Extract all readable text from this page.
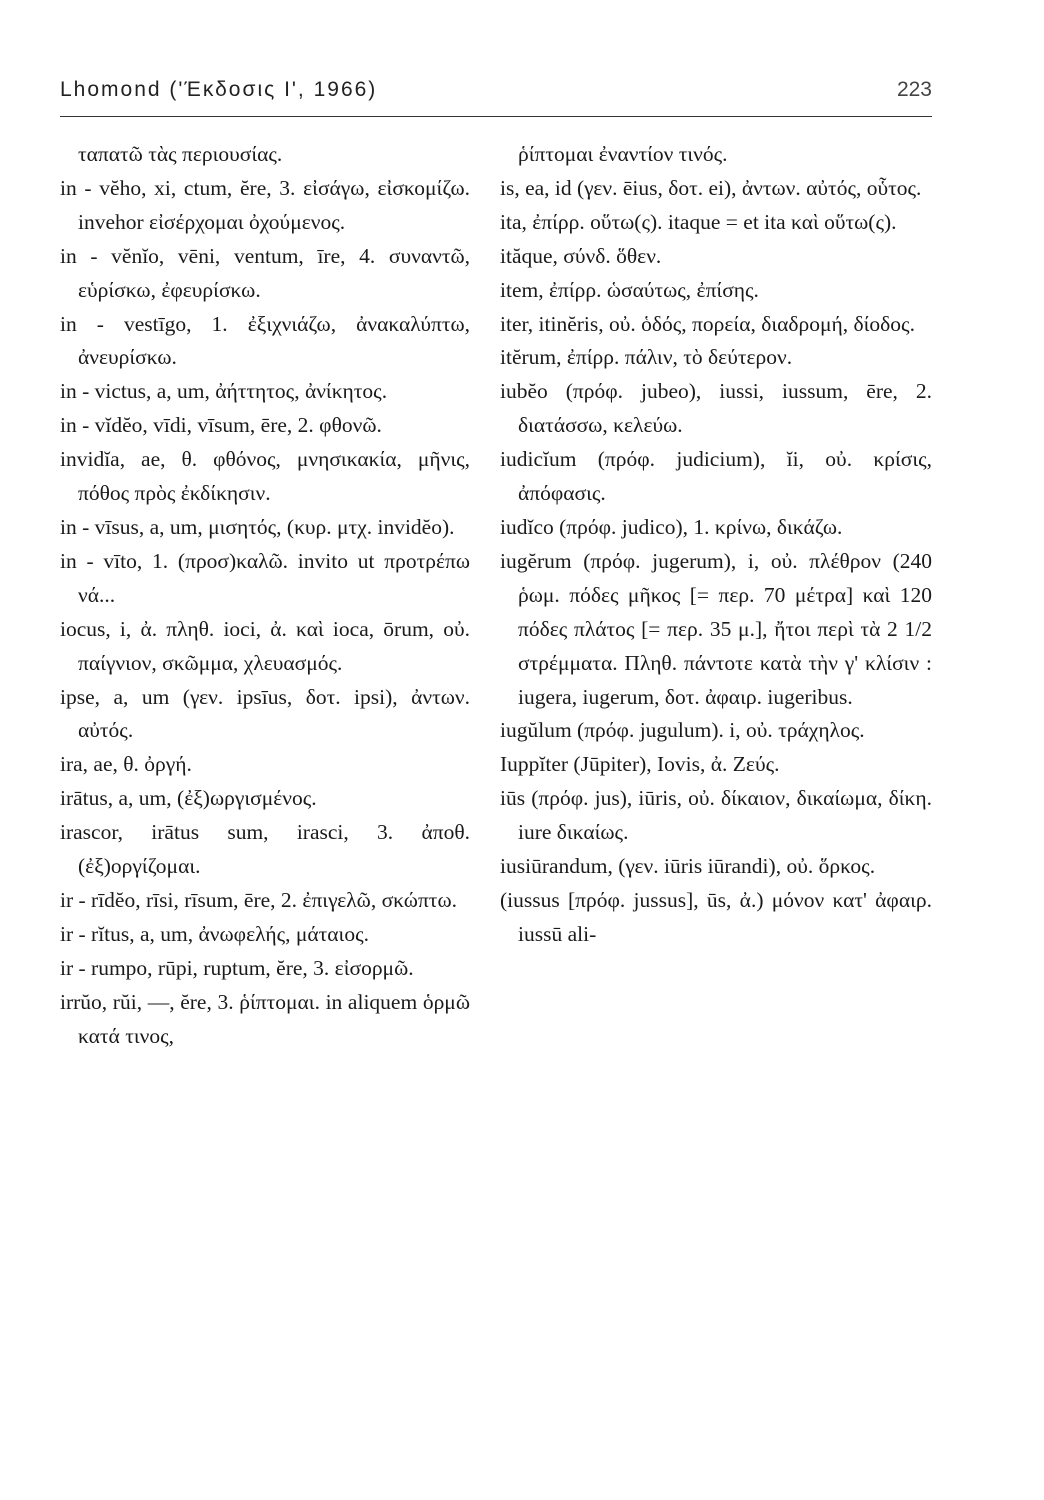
Lhomond ('Έκδοσις Ι', 1966)	223
ταπατῶ τὰς περιουσίας.
in - vĕho, xi, ctum, ĕre, 3. εἰσάγω, εἰσκομίζω. invehor εἰσέρχομαι ὀχούμενος.
in - vĕnĭo, vēni, ventum, īre, 4. συναντῶ, εὑρίσκω, ἐφευρίσκω.
in - vestīgo, 1. ἐξιχνιάζω, ἀνακαλύπτω, ἀνευρίσκω.
in - victus, a, um, ἀήττητος, ἀνίκητος.
in - vĭdĕo, vīdi, vīsum, ēre, 2. φθονῶ.
invidĭa, ae, θ. φθόνος, μνησικακία, μῆνις, πόθος πρὸς ἐκδίκησιν.
in - vīsus, a, um, μισητός, (κυρ. μτχ. invidĕo).
in - vīto, 1. (προσ)καλῶ. invito ut προτρέπω νά...
iocus, i, ἀ. πληθ. ioci, ἀ. καὶ ioca, ōrum, οὐ. παίγνιον, σκῶμμα, χλευασμός.
ipse, a, um (γεν. ipsīus, δοτ. ipsi), ἀντων. αὐτός.
ira, ae, θ. ὀργή.
irātus, a, um, (ἐξ)ωργισμένος.
irascor, irātus sum, irasci, 3. ἀποθ. (ἐξ)οργίζομαι.
ir - rīdĕo, rīsi, rīsum, ēre, 2. ἐπιγελῶ, σκώπτω.
ir - rĭtus, a, um, ἀνωφελής, μάταιος.
ir - rumpo, rūpi, ruptum, ĕre, 3. εἰσορμῶ.
irrŭo, rŭi, —, ĕre, 3. ῥίπτομαι. in aliquem ὁρμῶ κατά τινος,
ῥίπτομαι ἐναντίον τινός.
is, ea, id (γεν. ēius, δοτ. ei), ἀντων. αὐτός, οὗτος.
ita, ἐπίρρ. οὕτω(ς). itaque = et ita καὶ οὕτω(ς).
ităque, σύνδ. ὅθεν.
item, ἐπίρρ. ὡσαύτως, ἐπίσης.
iter, itinĕris, οὐ. ὁδός, πορεία, διαδρομή, δίοδος.
itĕrum, ἐπίρρ. πάλιν, τὸ δεύτερον.
iubĕo (πρόφ. jubeo), iussi, iussum, ēre, 2. διατάσσω, κελεύω.
iudicĭum (πρόφ. judicium), ĭi, οὐ. κρίσις, ἀπόφασις.
iudĭco (πρόφ. judico), 1. κρίνω, δικάζω.
iugĕrum (πρόφ. jugerum), i, οὐ. πλέθρον (240 ῥωμ. πόδες μῆκος [= περ. 70 μέτρα] καὶ 120 πόδες πλάτος [= περ. 35 μ.], ἤτοι περὶ τὰ 2 1/2 στρέμματα. Πληθ. πάντοτε κατὰ τὴν γ' κλίσιν : iugera, iugerum, δοτ. ἀφαιρ. iugeribus.
iugŭlum (πρόφ. jugulum). i, οὐ. τράχηλος.
Iuppĭter (Jūpiter), Iovis, ἀ. Ζεύς.
iūs (πρόφ. jus), iūris, οὐ. δίκαιον, δικαίωμα, δίκη. iure δικαίως.
iusiūrandum, (γεν. iūris iūrandi), οὐ. ὅρκος.
(iussus [πρόφ. jussus], ūs, ἀ.) μόνον κατ' ἀφαιρ. iussū ali-
